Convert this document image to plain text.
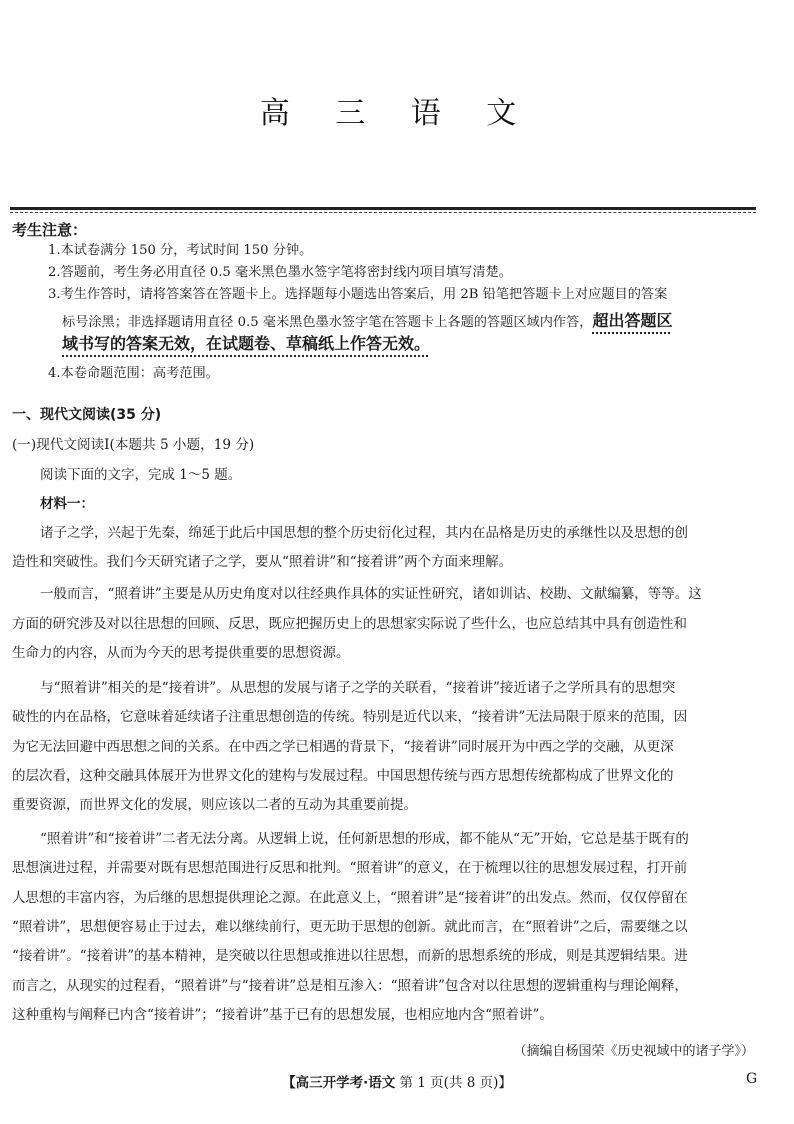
高 三 语 文
考生注意：
1.本试卷满分 150 分，考试时间 150 分钟。
2.答题前，考生务必用直径 0.5 毫米黑色墨水签字笔将密封线内项目填写清楚。
3.考生作答时，请将答案答在答题卡上。选择题每小题选出答案后，用 2B 铅笔把答题卡上对应题目的答案
标号涂黑；非选择题请用直径 0.5 毫米黑色墨水签字笔在答题卡上各题的答题区域内作答，超出答题区
域书写的答案无效，在试题卷、草稿纸上作答无效。
4.本卷命题范围：高考范围。
一、现代文阅读(35 分)
(一)现代文阅读Ⅰ(本题共 5 小题，19 分)
阅读下面的文字，完成 1～5 题。
材料一：
诸子之学，兴起于先秦，绵延于此后中国思想的整个历史衍化过程，其内在品格是历史的承继性以及思想的创
造性和突破性。我们今天研究诸子之学，要从“照着讲”和“接着讲”两个方面来理解。
一般而言，“照着讲”主要是从历史角度对以往经典作具体的实证性研究，诸如训诂、校勘、文献编纂，等等。这
方面的研究涉及对以往思想的回顾、反思，既应把握历史上的思想家实际说了些什么，也应总结其中具有创造性和
生命力的内容，从而为今天的思考提供重要的思想资源。
与“照着讲”相关的是“接着讲”。从思想的发展与诸子之学的关联看，“接着讲”接近诸子之学所具有的思想突
破性的内在品格，它意味着延续诸子注重思想创造的传统。特别是近代以来，“接着讲”无法局限于原来的范围，因
为它无法回避中西思想之间的关系。在中西之学已相遇的背景下，“接着讲”同时展开为中西之学的交融，从更深
的层次看，这种交融具体展开为世界文化的建构与发展过程。中国思想传统与西方思想传统都构成了世界文化的
重要资源，而世界文化的发展，则应该以二者的互动为其重要前提。
“照着讲”和“接着讲”二者无法分离。从逻辑上说，任何新思想的形成，都不能从“无”开始，它总是基于既有的
思想演进过程，并需要对既有思想范围进行反思和批判。“照着讲”的意义，在于梳理以往的思想发展过程，打开前
人思想的丰富内容，为后继的思想提供理论之源。在此意义上，“照着讲”是“接着讲”的出发点。然而，仅仅停留在
“照着讲”，思想便容易止于过去，难以继续前行，更无助于思想的创新。就此而言，在“照着讲”之后，需要继之以
“接着讲”。“接着讲”的基本精神，是突破以往思想或推进以往思想，而新的思想系统的形成，则是其逻辑结果。进
而言之，从现实的过程看，“照着讲”与“接着讲”总是相互渗入：“照着讲”包含对以往思想的逻辑重构与理论阐释，
这种重构与阐释已内含“接着讲”；“接着讲”基于已有的思想发展，也相应地内含“照着讲”。
（摘编自杨国荣《历史视域中的诸子学》）
【高三开学考·语文 第 1 页(共 8 页)】	G
